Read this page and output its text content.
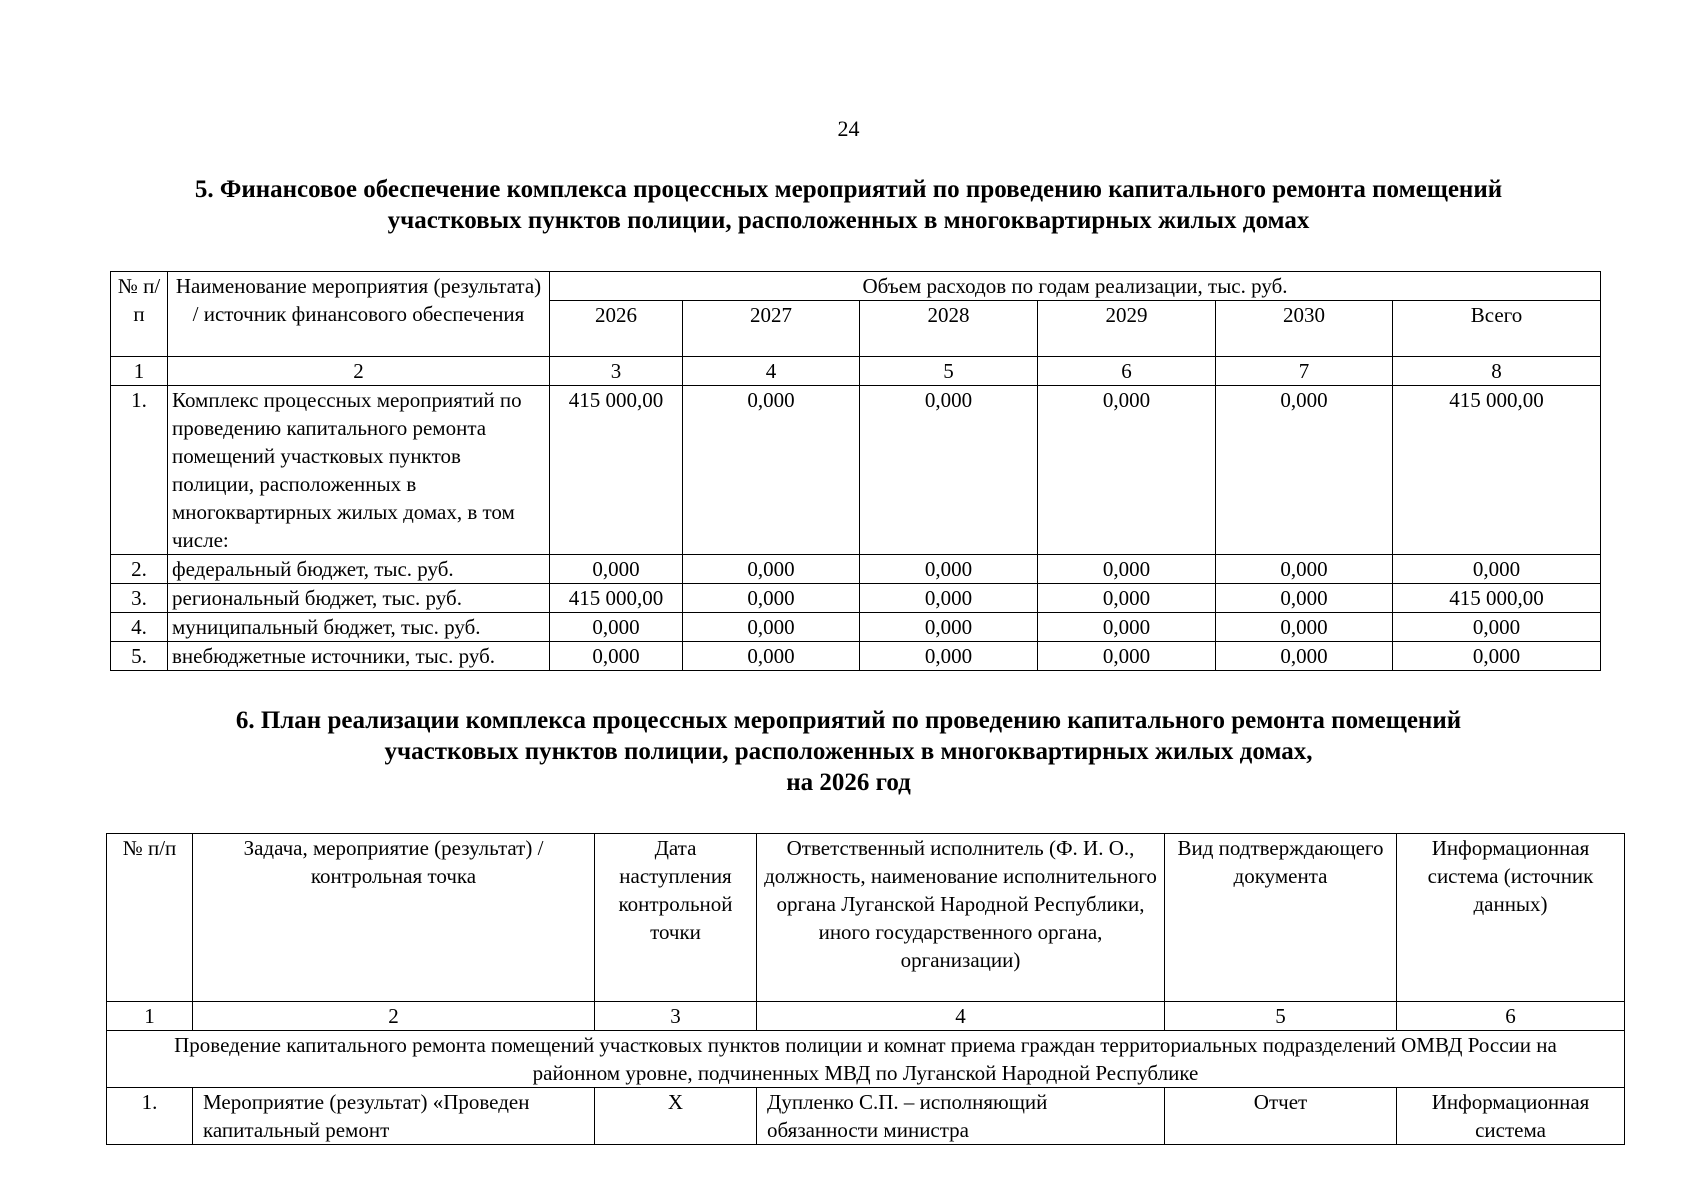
24
5. Финансовое обеспечение комплекса процессных мероприятий по проведению капитального ремонта помещений
участковых пунктов полиции, расположенных в многоквартирных жилых домах
№ п/п	Наименование мероприятия (результата) / источник финансового обеспечения	Объем расходов по годам реализации, тыс. руб.					
		2026	2027	2028	2029	2030	Всего
1	2	3	4	5	6	7	8
1.	Комплекс процессных мероприятий по проведению капитального ремонта помещений участковых пунктов полиции, расположенных в многоквартирных жилых домах, в том числе:	415 000,00	0,000	0,000	0,000	0,000	415 000,00
2.	федеральный бюджет, тыс. руб.	0,000	0,000	0,000	0,000	0,000	0,000
3.	региональный бюджет, тыс. руб.	415 000,00	0,000	0,000	0,000	0,000	415 000,00
4.	муниципальный бюджет, тыс. руб.	0,000	0,000	0,000	0,000	0,000	0,000
5.	внебюджетные источники, тыс. руб.	0,000	0,000	0,000	0,000	0,000	0,000
6. План реализации комплекса процессных мероприятий по проведению капитального ремонта помещений
участковых пунктов полиции, расположенных в многоквартирных жилых домах,
на 2026 год
№ п/п	Задача, мероприятие (результат) / контрольная точка	Дата наступления контрольной точки	Ответственный исполнитель (Ф. И. О., должность, наименование исполнительного органа Луганской Народной Республики, иного государственного органа, организации)	Вид подтверждающего документа	Информационная система (источник данных)
1	2	3	4	5	6
Проведение капитального ремонта помещений участковых пунктов полиции и комнат приема граждан территориальных подразделений ОМВД России на районном уровне, подчиненных МВД по Луганской Народной Республике					
1.	Мероприятие (результат) «Проведен капитальный ремонт	Х	Дупленко С.П. – исполняющий обязанности министра	Отчет	Информационная система
